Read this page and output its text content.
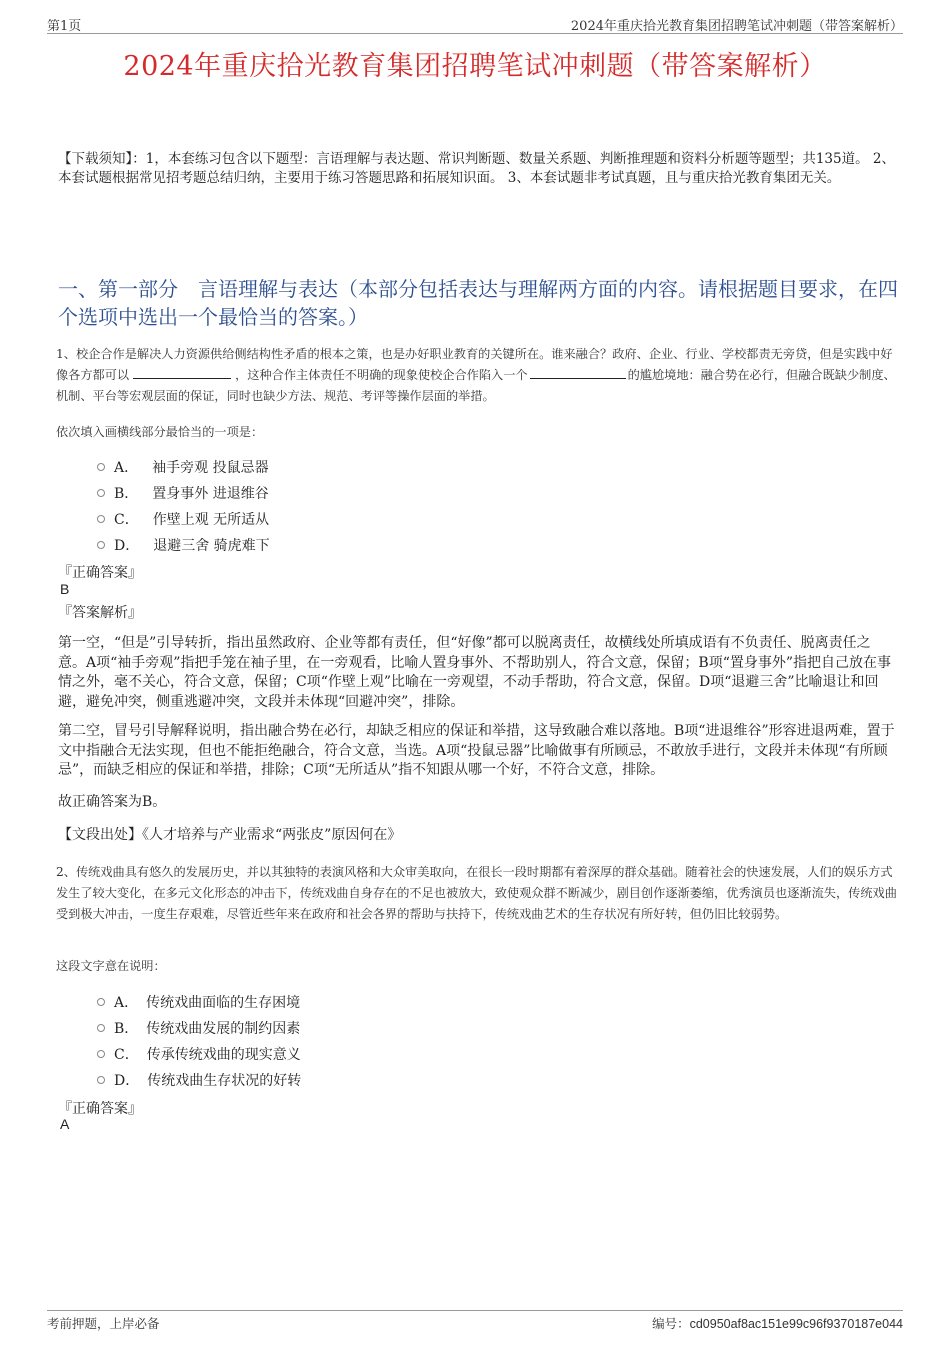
第1页	2024年重庆拾光教育集团招聘笔试冲刺题（带答案解析）
2024年重庆拾光教育集团招聘笔试冲刺题（带答案解析）
【下载须知】：1，本套练习包含以下题型：言语理解与表达题、常识判断题、数量关系题、判断推理题和资料分析题等题型；共135道。 2、本套试题根据常见招考题总结归纳，主要用于练习答题思路和拓展知识面。 3、本套试题非考试真题，且与重庆拾光教育集团无关。
一、第一部分　言语理解与表达（本部分包括表达与理解两方面的内容。请根据题目要求，在四个选项中选出一个最恰当的答案。）
1、校企合作是解决人力资源供给侧结构性矛盾的根本之策，也是办好职业教育的关键所在。谁来融合？政府、企业、行业、学校都责无旁贷，但是实践中好像各方都可以	，这种合作主体责任不明确的现象使校企合作陷入一个	的尴尬境地：融合势在必行，但融合既缺少制度、机制、平台等宏观层面的保证，同时也缺少方法、规范、考评等操作层面的举措。
依次填入画横线部分最恰当的一项是：
A． 袖手旁观 投鼠忌器
B． 置身事外 进退维谷
C． 作壁上观 无所适从
D． 退避三舍 骑虎难下
『正确答案』
B
『答案解析』
第一空，“但是”引导转折，指出虽然政府、企业等都有责任，但“好像”都可以脱离责任，故横线处所填成语有不负责任、脱离责任之意。A项“袖手旁观”指把手笼在袖子里，在一旁观看，比喻人置身事外、不帮助别人，符合文意，保留；B项“置身事外”指把自己放在事情之外，毫不关心，符合文意，保留；C项“作壁上观”比喻在一旁观望，不动手帮助，符合文意，保留。D项“退避三舍”比喻退让和回避，避免冲突，侧重逃避冲突，文段并未体现“回避冲突”，排除。
第二空，冒号引导解释说明，指出融合势在必行，却缺乏相应的保证和举措，这导致融合难以落地。B项“进退维谷”形容进退两难，置于文中指融合无法实现，但也不能拒绝融合，符合文意，当选。A项“投鼠忌器”比喻做事有所顾忌，不敢放手进行，文段并未体现“有所顾忌”，而缺乏相应的保证和举措，排除；C项“无所适从”指不知跟从哪一个好，不符合文意，排除。
故正确答案为B。
【文段出处】《人才培养与产业需求“两张皮”原因何在》
2、传统戏曲具有悠久的发展历史，并以其独特的表演风格和大众审美取向，在很长一段时期都有着深厚的群众基础。随着社会的快速发展，人们的娱乐方式发生了较大变化，在多元文化形态的冲击下，传统戏曲自身存在的不足也被放大，致使观众群不断减少，剧目创作逐渐萎缩，优秀演员也逐渐流失，传统戏曲受到极大冲击，一度生存艰难，尽管近些年来在政府和社会各界的帮助与扶持下，传统戏曲艺术的生存状况有所好转，但仍旧比较弱势。
这段文字意在说明：
A． 传统戏曲面临的生存困境
B． 传统戏曲发展的制约因素
C． 传承传统戏曲的现实意义
D． 传统戏曲生存状况的好转
『正确答案』
A
考前押题，上岸必备	编号：cd0950af8ac151e99c96f9370187e044
